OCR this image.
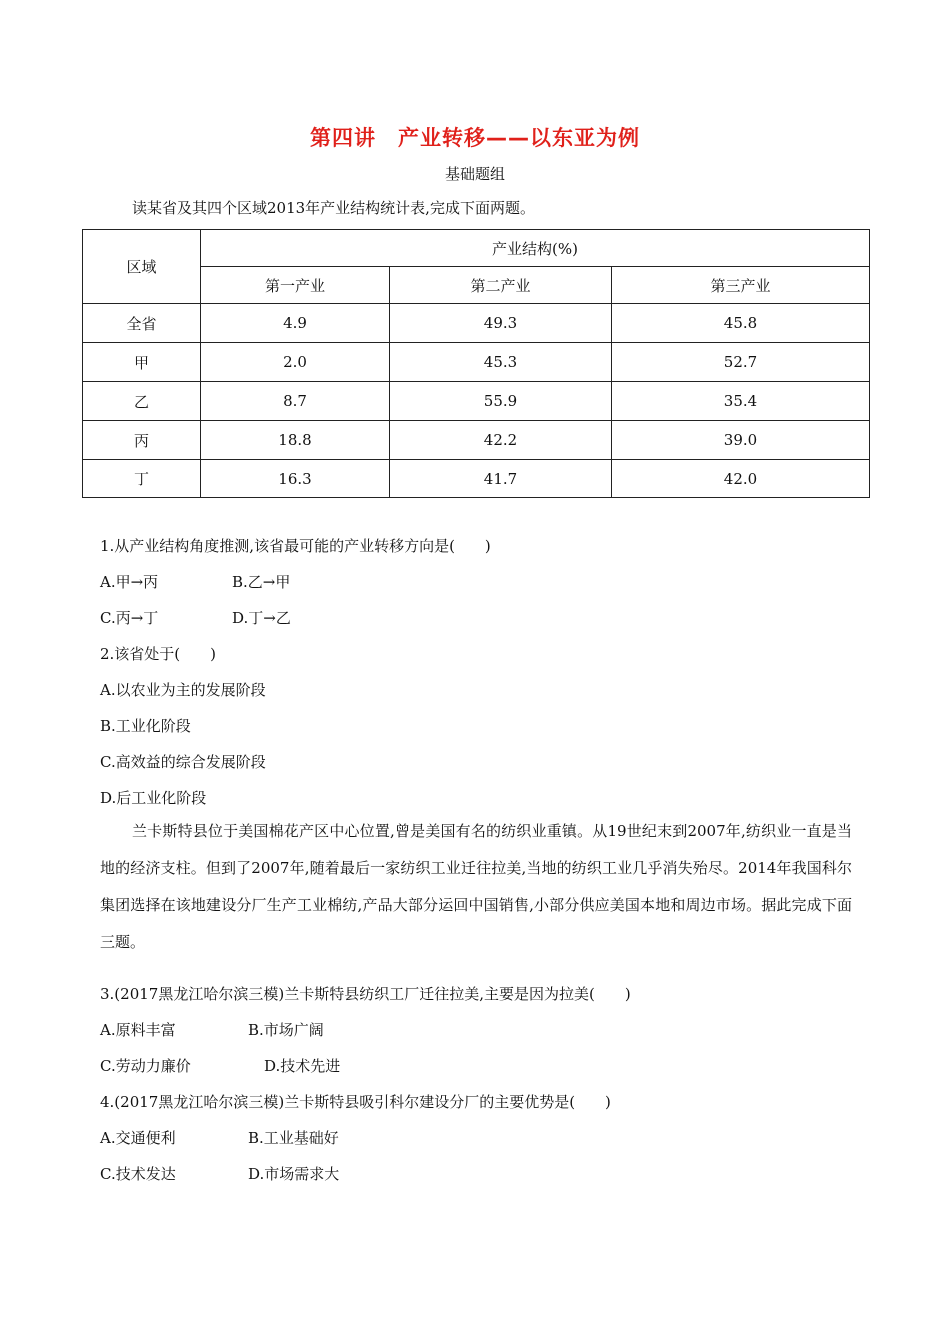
第四讲　产业转移——以东亚为例
基础题组
读某省及其四个区域2013年产业结构统计表,完成下面两题。
区域	产业结构(%)		
	第一产业	第二产业	第三产业
全省	4.9	49.3	45.8
甲	2.0	45.3	52.7
乙	8.7	55.9	35.4
丙	18.8	42.2	39.0
丁	16.3	41.7	42.0
1.从产业结构角度推测,该省最可能的产业转移方向是(　　)
A.甲→丙	B.乙→甲
C.丙→丁	D.丁→乙
2.该省处于(　　)
A.以农业为主的发展阶段
B.工业化阶段
C.高效益的综合发展阶段
D.后工业化阶段
兰卡斯特县位于美国棉花产区中心位置,曾是美国有名的纺织业重镇。从19世纪末到2007年,纺织业一直是当地的经济支柱。但到了2007年,随着最后一家纺织工业迁往拉美,当地的纺织工业几乎消失殆尽。2014年我国科尔集团选择在该地建设分厂生产工业棉纺,产品大部分运回中国销售,小部分供应美国本地和周边市场。据此完成下面三题。
3.(2017黑龙江哈尔滨三模)兰卡斯特县纺织工厂迁往拉美,主要是因为拉美(　　)
A.原料丰富	B.市场广阔
C.劳动力廉价	D.技术先进
4.(2017黑龙江哈尔滨三模)兰卡斯特县吸引科尔建设分厂的主要优势是(　　)
A.交通便利	B.工业基础好
C.技术发达	D.市场需求大
